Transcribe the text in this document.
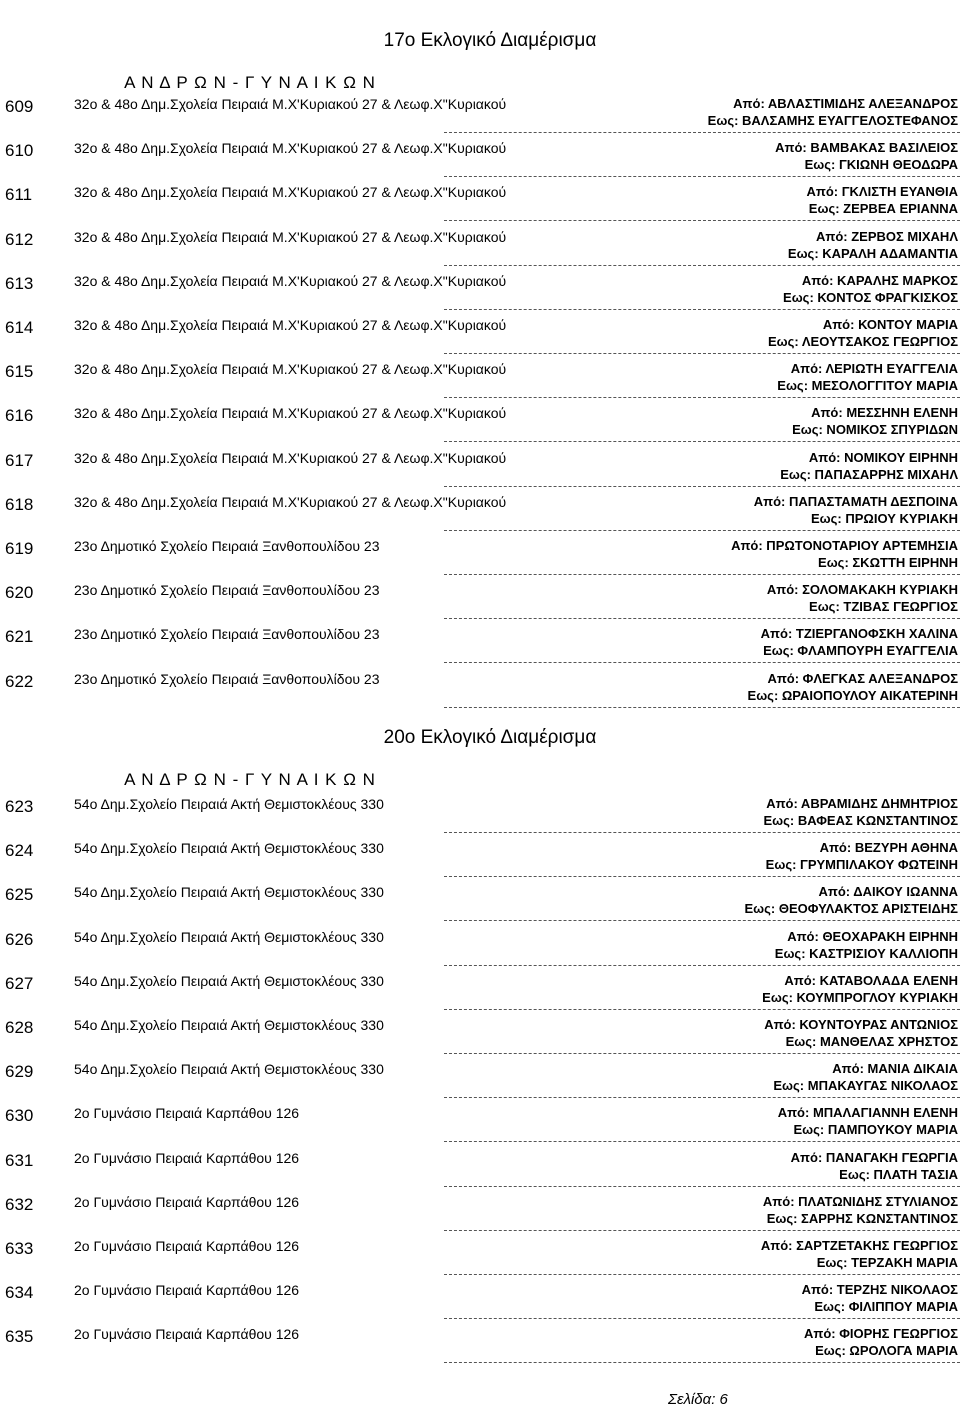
17ο Εκλογικό Διαμέρισμα
Α Ν Δ Ρ Ω Ν - Γ Υ Ν Α Ι Κ Ω Ν
609	32ο & 48ο Δημ.Σχολεία Πειραιά Μ.Χ'Κυριακού 27 & Λεωφ.Χ"Κυριακού	Από: ΑΒΛΑΣΤΙΜΙΔΗΣ ΑΛΕΞΑΝΔΡΟΣ
Εως: ΒΑΛΣΑΜΗΣ ΕΥΑΓΓΕΛΟΣΤΕΦΑΝΟΣ
610	32ο & 48ο Δημ.Σχολεία Πειραιά Μ.Χ'Κυριακού 27 & Λεωφ.Χ"Κυριακού	Από: ΒΑΜΒΑΚΑΣ ΒΑΣΙΛΕΙΟΣ
Εως: ΓΚΙΩΝΗ ΘΕΟΔΩΡΑ
611	32ο & 48ο Δημ.Σχολεία Πειραιά Μ.Χ'Κυριακού 27 & Λεωφ.Χ"Κυριακού	Από: ΓΚΛΙΣΤΗ ΕΥΑΝΘΙΑ
Εως: ΖΕΡΒΕΑ ΕΡΙΑΝΝΑ
612	32ο & 48ο Δημ.Σχολεία Πειραιά Μ.Χ'Κυριακού 27 & Λεωφ.Χ"Κυριακού	Από: ΖΕΡΒΟΣ ΜΙΧΑΗΛ
Εως: ΚΑΡΑΛΗ ΑΔΑΜΑΝΤΙΑ
613	32ο & 48ο Δημ.Σχολεία Πειραιά Μ.Χ'Κυριακού 27 & Λεωφ.Χ"Κυριακού	Από: ΚΑΡΑΛΗΣ ΜΑΡΚΟΣ
Εως: ΚΟΝΤΟΣ ΦΡΑΓΚΙΣΚΟΣ
614	32ο & 48ο Δημ.Σχολεία Πειραιά Μ.Χ'Κυριακού 27 & Λεωφ.Χ"Κυριακού	Από: ΚΟΝΤΟΥ ΜΑΡΙΑ
Εως: ΛΕΟΥΤΣΑΚΟΣ ΓΕΩΡΓΙΟΣ
615	32ο & 48ο Δημ.Σχολεία Πειραιά Μ.Χ'Κυριακού 27 & Λεωφ.Χ"Κυριακού	Από: ΛΕΡΙΩΤΗ ΕΥΑΓΓΕΛΙΑ
Εως: ΜΕΣΟΛΟΓΓΙΤΟΥ ΜΑΡΙΑ
616	32ο & 48ο Δημ.Σχολεία Πειραιά Μ.Χ'Κυριακού 27 & Λεωφ.Χ"Κυριακού	Από: ΜΕΣΣΗΝΗ ΕΛΕΝΗ
Εως: ΝΟΜΙΚΟΣ ΣΠΥΡΙΔΩΝ
617	32ο & 48ο Δημ.Σχολεία Πειραιά Μ.Χ'Κυριακού 27 & Λεωφ.Χ"Κυριακού	Από: ΝΟΜΙΚΟΥ ΕΙΡΗΝΗ
Εως: ΠΑΠΑΣΑΡΡΗΣ ΜΙΧΑΗΛ
618	32ο & 48ο Δημ.Σχολεία Πειραιά Μ.Χ'Κυριακού 27 & Λεωφ.Χ"Κυριακού	Από: ΠΑΠΑΣΤΑΜΑΤΗ ΔΕΣΠΟΙΝΑ
Εως: ΠΡΩΙΟΥ ΚΥΡΙΑΚΗ
619	23ο Δημοτικό Σχολείο Πειραιά Ξανθοπουλίδου 23	Από: ΠΡΩΤΟΝΟΤΑΡΙΟΥ ΑΡΤΕΜΗΣΙΑ
Εως: ΣΚΩΤΤΗ ΕΙΡΗΝΗ
620	23ο Δημοτικό Σχολείο Πειραιά Ξανθοπουλίδου 23	Από: ΣΟΛΟΜΑΚΑΚΗ ΚΥΡΙΑΚΗ
Εως: ΤΖΙΒΑΣ ΓΕΩΡΓΙΟΣ
621	23ο Δημοτικό Σχολείο Πειραιά Ξανθοπουλίδου 23	Από: ΤΖΙΕΡΓΑΝΟΦΣΚΗ ΧΑΛΙΝΑ
Εως: ΦΛΑΜΠΟΥΡΗ ΕΥΑΓΓΕΛΙΑ
622	23ο Δημοτικό Σχολείο Πειραιά Ξανθοπουλίδου 23	Από: ΦΛΕΓΚΑΣ ΑΛΕΞΑΝΔΡΟΣ
Εως: ΩΡΑΙΟΠΟΥΛΟΥ ΑΙΚΑΤΕΡΙΝΗ
20ο Εκλογικό Διαμέρισμα
Α Ν Δ Ρ Ω Ν - Γ Υ Ν Α Ι Κ Ω Ν
623	54ο Δημ.Σχολείο Πειραιά Ακτή Θεμιστοκλέους 330	Από: ΑΒΡΑΜΙΔΗΣ ΔΗΜΗΤΡΙΟΣ
Εως: ΒΑΦΕΑΣ ΚΩΝΣΤΑΝΤΙΝΟΣ
624	54ο Δημ.Σχολείο Πειραιά Ακτή Θεμιστοκλέους 330	Από: ΒΕΖΥΡΗ ΑΘΗΝΑ
Εως: ΓΡΥΜΠΙΛΑΚΟΥ ΦΩΤΕΙΝΗ
625	54ο Δημ.Σχολείο Πειραιά Ακτή Θεμιστοκλέους 330	Από: ΔΑΙΚΟΥ ΙΩΑΝΝΑ
Εως: ΘΕΟΦΥΛΑΚΤΟΣ ΑΡΙΣΤΕΙΔΗΣ
626	54ο Δημ.Σχολείο Πειραιά Ακτή Θεμιστοκλέους 330	Από: ΘΕΟΧΑΡΑΚΗ ΕΙΡΗΝΗ
Εως: ΚΑΣΤΡΙΣΙΟΥ ΚΑΛΛΙΟΠΗ
627	54ο Δημ.Σχολείο Πειραιά Ακτή Θεμιστοκλέους 330	Από: ΚΑΤΑΒΟΛΑΔΑ ΕΛΕΝΗ
Εως: ΚΟΥΜΠΡΟΓΛΟΥ ΚΥΡΙΑΚΗ
628	54ο Δημ.Σχολείο Πειραιά Ακτή Θεμιστοκλέους 330	Από: ΚΟΥΝΤΟΥΡΑΣ ΑΝΤΩΝΙΟΣ
Εως: ΜΑΝΘΕΛΑΣ ΧΡΗΣΤΟΣ
629	54ο Δημ.Σχολείο Πειραιά Ακτή Θεμιστοκλέους 330	Από: ΜΑΝΙΑ ΔΙΚΑΙΑ
Εως: ΜΠΑΚΑΥΓΑΣ ΝΙΚΟΛΑΟΣ
630	2ο Γυμνάσιο Πειραιά Καρπάθου 126	Από: ΜΠΑΛΑΓΙΑΝΝΗ ΕΛΕΝΗ
Εως: ΠΑΜΠΟΥΚΟΥ ΜΑΡΙΑ
631	2ο Γυμνάσιο Πειραιά Καρπάθου 126	Από: ΠΑΝΑΓΑΚΗ ΓΕΩΡΓΙΑ
Εως: ΠΛΑΤΗ ΤΑΣΙΑ
632	2ο Γυμνάσιο Πειραιά Καρπάθου 126	Από: ΠΛΑΤΩΝΙΔΗΣ ΣΤΥΛΙΑΝΟΣ
Εως: ΣΑΡΡΗΣ ΚΩΝΣΤΑΝΤΙΝΟΣ
633	2ο Γυμνάσιο Πειραιά Καρπάθου 126	Από: ΣΑΡΤΖΕΤΑΚΗΣ ΓΕΩΡΓΙΟΣ
Εως: ΤΕΡΖΑΚΗ ΜΑΡΙΑ
634	2ο Γυμνάσιο Πειραιά Καρπάθου 126	Από: ΤΕΡΖΗΣ ΝΙΚΟΛΑΟΣ
Εως: ΦΙΛΙΠΠΟΥ ΜΑΡΙΑ
635	2ο Γυμνάσιο Πειραιά Καρπάθου 126	Από: ΦΙΟΡΗΣ ΓΕΩΡΓΙΟΣ
Εως: ΩΡΟΛΟΓΑ ΜΑΡΙΑ
Σελίδα: 6
